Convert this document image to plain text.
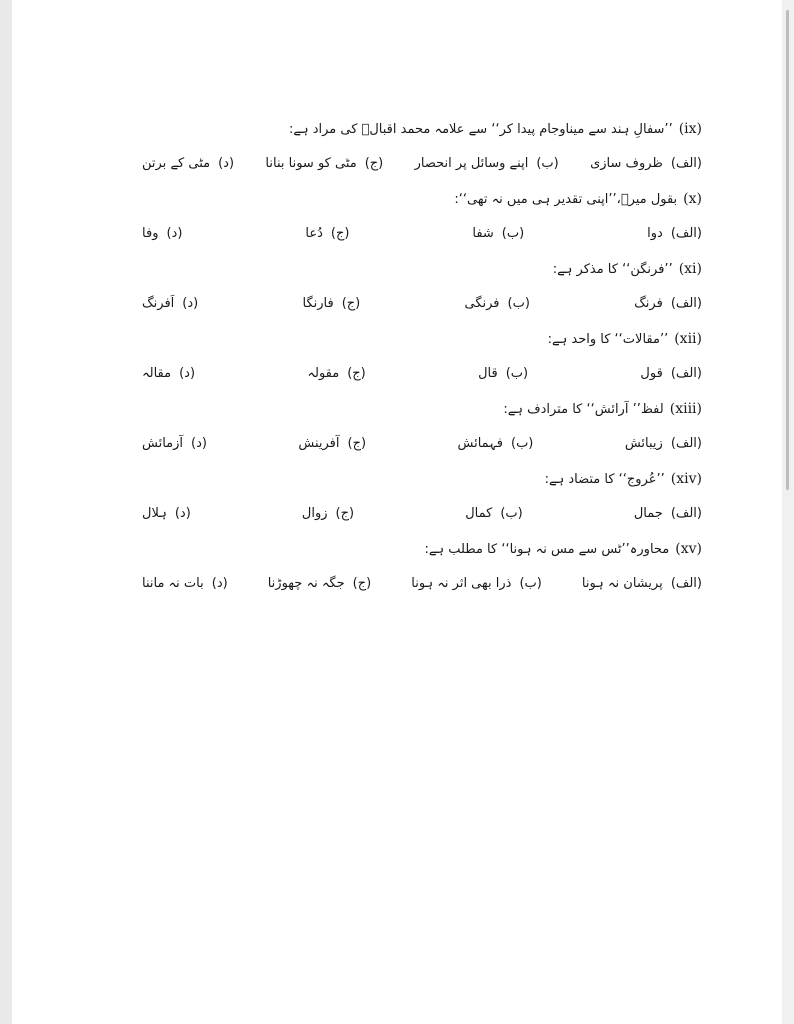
(ix)’’سفالِ ہند سے میناوجام پیدا کر‘‘ سے علامہ محمد اقبالؒ کی مراد ہے:
(الف)ظروف سازی
(ب)اپنے وسائل پر انحصار
(ج)مٹی کو سونا بنانا
(د)مٹی کے برتن
(x)بقول میرؔ،’’اپنی تقدیر ہی میں نہ تھی‘‘:
(الف)دوا
(ب)شفا
(ج)دُعا
(د)وفا
(xi)’’فرنگن‘‘ کا مذکر ہے:
(الف)فرنگ
(ب)فرنگی
(ج)فارنگا
(د)اَفرنگ
(xii)’’مقالات‘‘ کا واحد ہے:
(الف)قول
(ب)قال
(ج)مقولہ
(د)مقالہ
(xiii)لفظ’’ آرائش‘‘ کا مترادف ہے:
(الف)زیبائش
(ب)فہمائش
(ج)آفرینش
(د)آزمائش
(xiv)’’عُروج‘‘ کا متضاد ہے:
(الف)جمال
(ب)کمال
(ج)زوال
(د)ہلال
(xv)محاورہ’’ٹس سے مس نہ ہونا‘‘ کا مطلب ہے:
(الف)پریشان نہ ہونا
(ب)ذرا بھی اثر نہ ہونا
(ج)جگہ نہ چھوڑنا
(د)بات نہ ماننا
